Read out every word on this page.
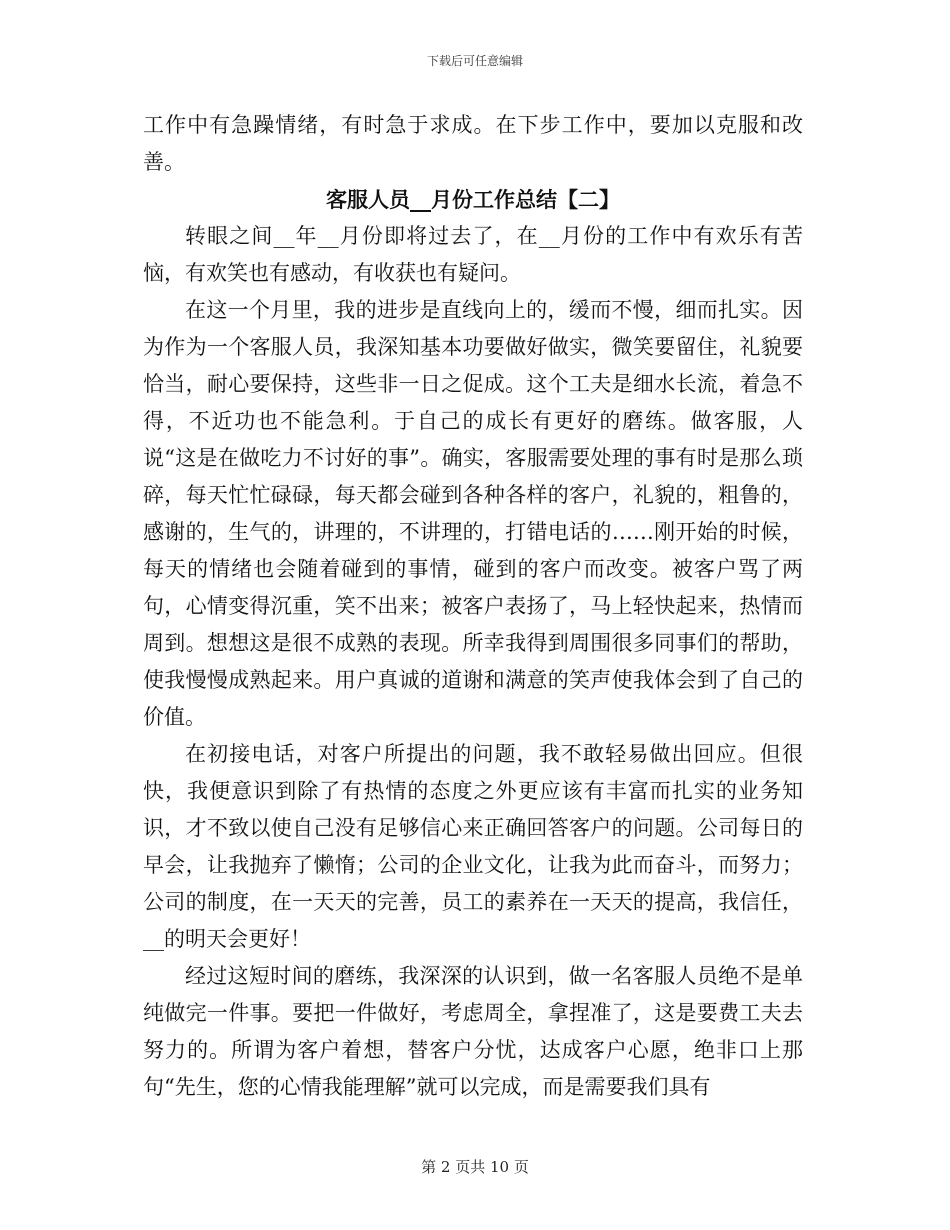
下载后可任意编辑

工作中有急躁情绪，有时急于求成。在下步工作中，要加以克服和改善。

客服人员__月份工作总结【二】

转眼之间__年__月份即将过去了，在__月份的工作中有欢乐有苦恼，有欢笑也有感动，有收获也有疑问。

在这一个月里，我的进步是直线向上的，缓而不慢，细而扎实。因为作为一个客服人员，我深知基本功要做好做实，微笑要留住，礼貌要恰当，耐心要保持，这些非一日之促成。这个工夫是细水长流，着急不得，不近功也不能急利。于自己的成长有更好的磨练。做客服，人说“这是在做吃力不讨好的事”。确实，客服需要处理的事有时是那么琐碎，每天忙忙碌碌，每天都会碰到各种各样的客户，礼貌的，粗鲁的，感谢的，生气的，讲理的，不讲理的，打错电话的……刚开始的时候，每天的情绪也会随着碰到的事情，碰到的客户而改变。被客户骂了两句，心情变得沉重，笑不出来；被客户表扬了，马上轻快起来，热情而周到。想想这是很不成熟的表现。所幸我得到周围很多同事们的帮助，使我慢慢成熟起来。用户真诚的道谢和满意的笑声使我体会到了自己的价值。

在初接电话，对客户所提出的问题，我不敢轻易做出回应。但很快，我便意识到除了有热情的态度之外更应该有丰富而扎实的业务知识，才不致以使自己没有足够信心来正确回答客户的问题。公司每日的早会，让我抛弃了懒惰；公司的企业文化，让我为此而奋斗，而努力；公司的制度，在一天天的完善，员工的素养在一天天的提高，我信任，__的明天会更好！

经过这短时间的磨练，我深深的认识到，做一名客服人员绝不是单纯做完一件事。要把一件做好，考虑周全，拿捏准了，这是要费工夫去努力的。所谓为客户着想，替客户分忧，达成客户心愿，绝非口上那句“先生，您的心情我能理解”就可以完成，而是需要我们具有

第 2 页共 10 页
